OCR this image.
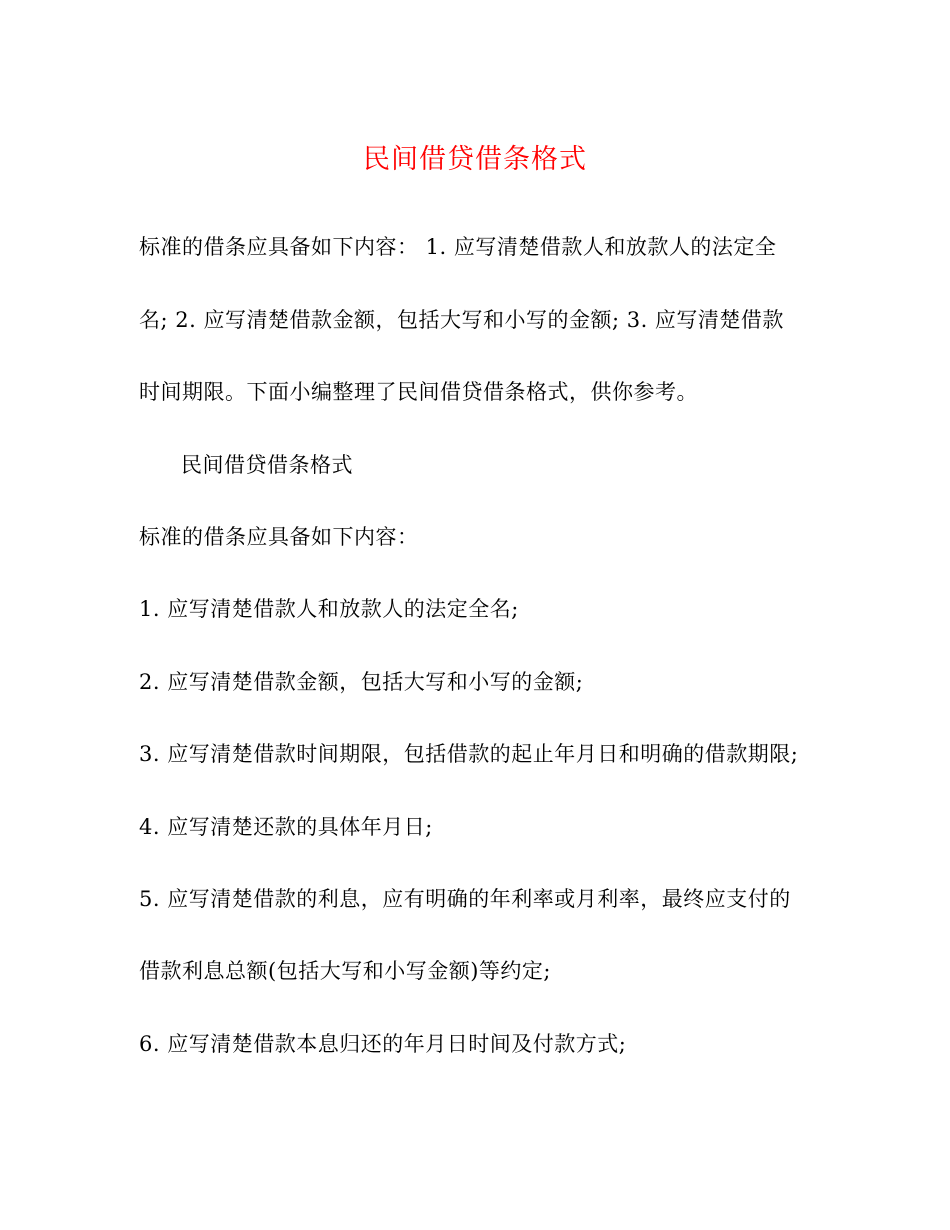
民间借贷借条格式
标准的借条应具备如下内容： 1. 应写清楚借款人和放款人的法定全
名; 2. 应写清楚借款金额，包括大写和小写的金额; 3. 应写清楚借款
时间期限。下面小编整理了民间借贷借条格式，供你参考。
民间借贷借条格式
标准的借条应具备如下内容：
1. 应写清楚借款人和放款人的法定全名;
2. 应写清楚借款金额，包括大写和小写的金额;
3. 应写清楚借款时间期限，包括借款的起止年月日和明确的借款期限;
4. 应写清楚还款的具体年月日;
5. 应写清楚借款的利息，应有明确的年利率或月利率，最终应支付的
借款利息总额(包括大写和小写金额)等约定;
6. 应写清楚借款本息归还的年月日时间及付款方式;
